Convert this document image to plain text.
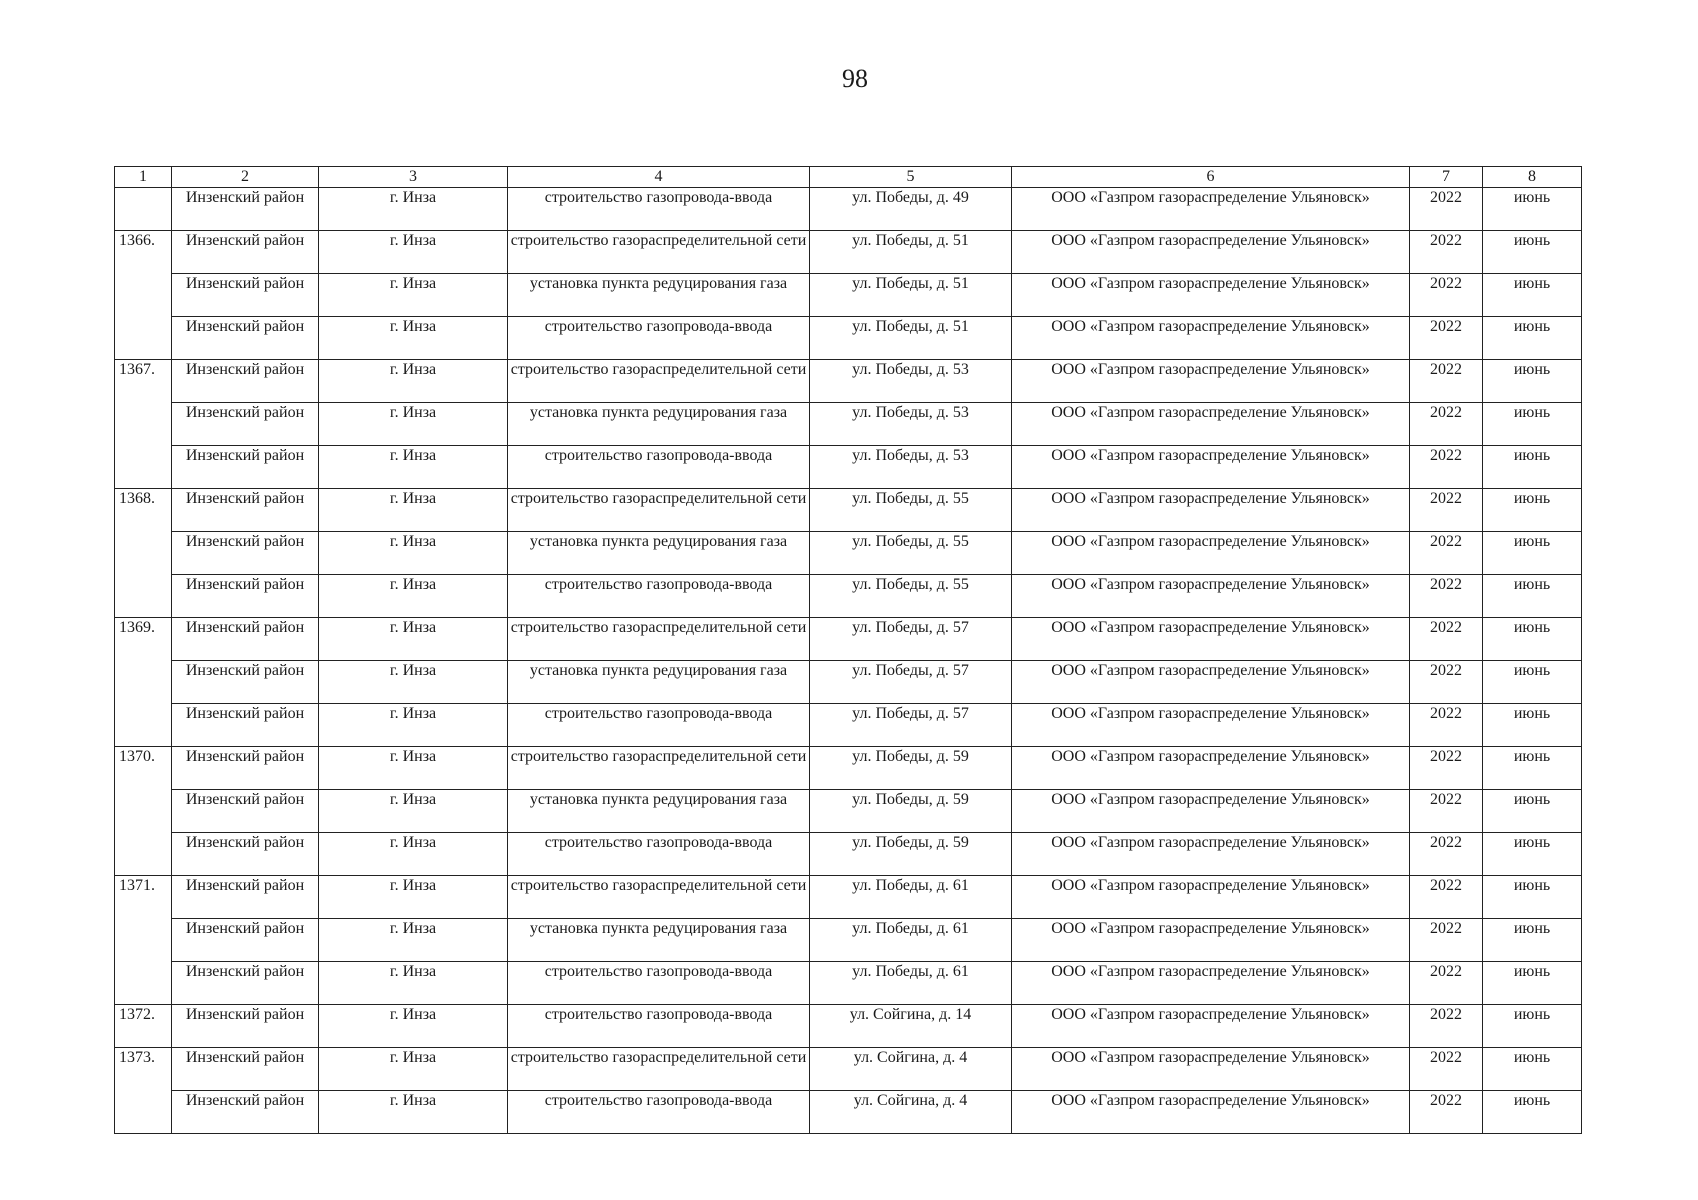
98
1	2	3	4	5	6	7	8
	Инзенский район	г. Инза	строительство газопровода-ввода	ул. Победы, д. 49	ООО «Газпром газораспределение Ульяновск»	2022	июнь
1366.	Инзенский район	г. Инза	строительство газораспределительной сети	ул. Победы, д. 51	ООО «Газпром газораспределение Ульяновск»	2022	июнь
	Инзенский район	г. Инза	установка пункта редуцирования газа	ул. Победы, д. 51	ООО «Газпром газораспределение Ульяновск»	2022	июнь
	Инзенский район	г. Инза	строительство газопровода-ввода	ул. Победы, д. 51	ООО «Газпром газораспределение Ульяновск»	2022	июнь
1367.	Инзенский район	г. Инза	строительство газораспределительной сети	ул. Победы, д. 53	ООО «Газпром газораспределение Ульяновск»	2022	июнь
	Инзенский район	г. Инза	установка пункта редуцирования газа	ул. Победы, д. 53	ООО «Газпром газораспределение Ульяновск»	2022	июнь
	Инзенский район	г. Инза	строительство газопровода-ввода	ул. Победы, д. 53	ООО «Газпром газораспределение Ульяновск»	2022	июнь
1368.	Инзенский район	г. Инза	строительство газораспределительной сети	ул. Победы, д. 55	ООО «Газпром газораспределение Ульяновск»	2022	июнь
	Инзенский район	г. Инза	установка пункта редуцирования газа	ул. Победы, д. 55	ООО «Газпром газораспределение Ульяновск»	2022	июнь
	Инзенский район	г. Инза	строительство газопровода-ввода	ул. Победы, д. 55	ООО «Газпром газораспределение Ульяновск»	2022	июнь
1369.	Инзенский район	г. Инза	строительство газораспределительной сети	ул. Победы, д. 57	ООО «Газпром газораспределение Ульяновск»	2022	июнь
	Инзенский район	г. Инза	установка пункта редуцирования газа	ул. Победы, д. 57	ООО «Газпром газораспределение Ульяновск»	2022	июнь
	Инзенский район	г. Инза	строительство газопровода-ввода	ул. Победы, д. 57	ООО «Газпром газораспределение Ульяновск»	2022	июнь
1370.	Инзенский район	г. Инза	строительство газораспределительной сети	ул. Победы, д. 59	ООО «Газпром газораспределение Ульяновск»	2022	июнь
	Инзенский район	г. Инза	установка пункта редуцирования газа	ул. Победы, д. 59	ООО «Газпром газораспределение Ульяновск»	2022	июнь
	Инзенский район	г. Инза	строительство газопровода-ввода	ул. Победы, д. 59	ООО «Газпром газораспределение Ульяновск»	2022	июнь
1371.	Инзенский район	г. Инза	строительство газораспределительной сети	ул. Победы, д. 61	ООО «Газпром газораспределение Ульяновск»	2022	июнь
	Инзенский район	г. Инза	установка пункта редуцирования газа	ул. Победы, д. 61	ООО «Газпром газораспределение Ульяновск»	2022	июнь
	Инзенский район	г. Инза	строительство газопровода-ввода	ул. Победы, д. 61	ООО «Газпром газораспределение Ульяновск»	2022	июнь
1372.	Инзенский район	г. Инза	строительство газопровода-ввода	ул. Сойгина, д. 14	ООО «Газпром газораспределение Ульяновск»	2022	июнь
1373.	Инзенский район	г. Инза	строительство газораспределительной сети	ул. Сойгина, д. 4	ООО «Газпром газораспределение Ульяновск»	2022	июнь
	Инзенский район	г. Инза	строительство газопровода-ввода	ул. Сойгина, д. 4	ООО «Газпром газораспределение Ульяновск»	2022	июнь
